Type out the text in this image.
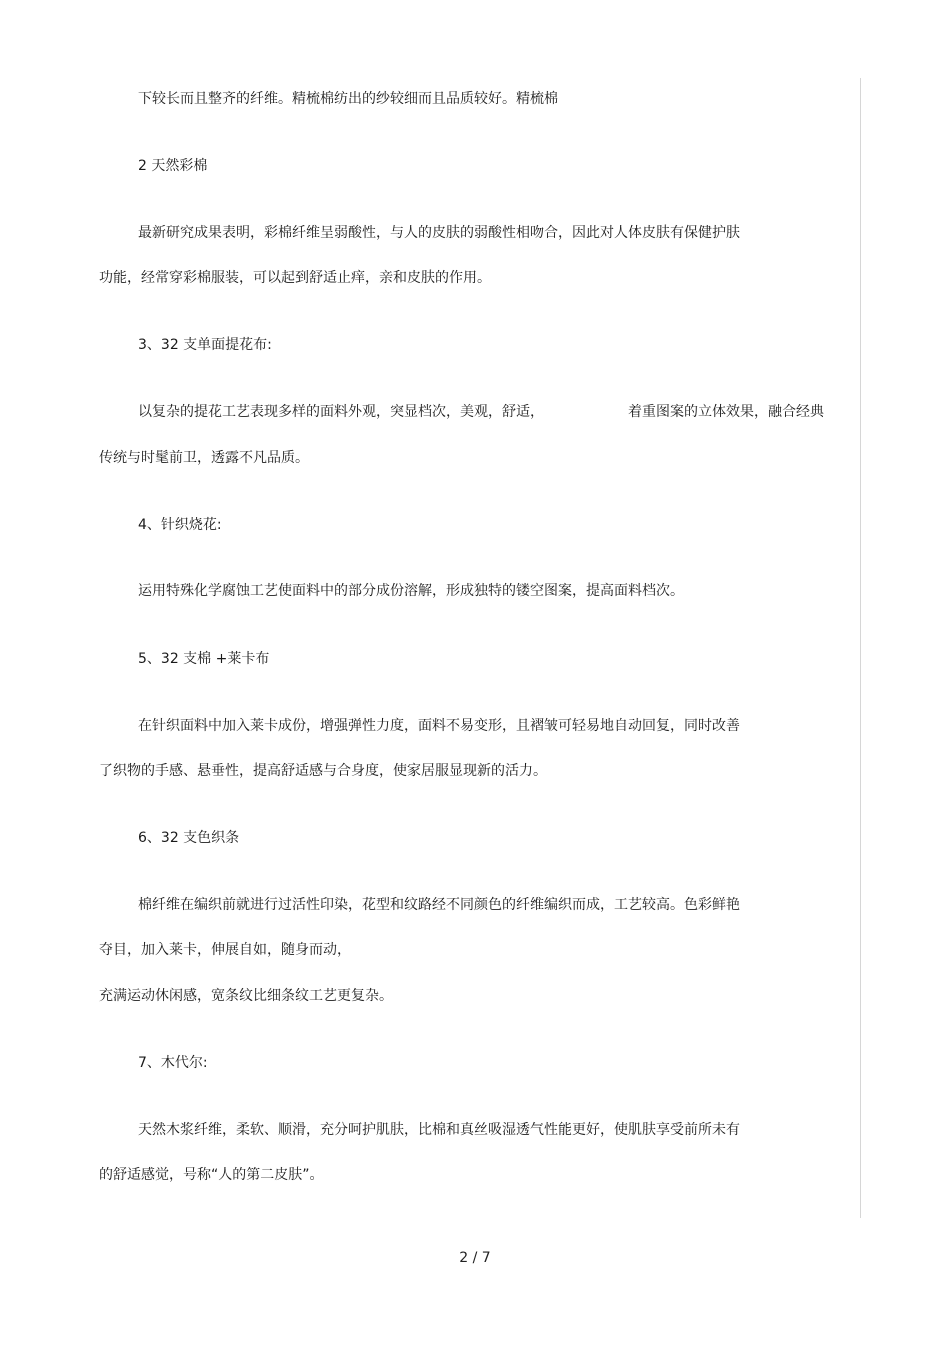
下较长而且整齐的纤维。精梳棉纺出的纱较细而且品质较好。精梳棉
2 天然彩棉
最新研究成果表明，彩棉纤维呈弱酸性，与人的皮肤的弱酸性相吻合，因此对人体皮肤有保健护肤
功能，经常穿彩棉服装，可以起到舒适止痒，亲和皮肤的作用。
3、32 支单面提花布:
以复杂的提花工艺表现多样的面料外观，突显档次，美观，舒适，	着重图案的立体效果，融合经典
传统与时髦前卫，透露不凡品质。
4、针织烧花:
运用特殊化学腐蚀工艺使面料中的部分成份溶解，形成独特的镂空图案，提高面料档次。
5、32 支棉 +莱卡布
在针织面料中加入莱卡成份，增强弹性力度，面料不易变形，且褶皱可轻易地自动回复，同时改善
了织物的手感、悬垂性，提高舒适感与合身度，使家居服显现新的活力。
6、32 支色织条
棉纤维在编织前就进行过活性印染，花型和纹路经不同颜色的纤维编织而成，工艺较高。色彩鲜艳
夺目，加入莱卡，伸展自如，随身而动，
充满运动休闲感，宽条纹比细条纹工艺更复杂。
7、木代尔:
天然木浆纤维，柔软、顺滑，充分呵护肌肤，比棉和真丝吸湿透气性能更好，使肌肤享受前所未有
的舒适感觉，号称“人的第二皮肤”。
2 / 7
